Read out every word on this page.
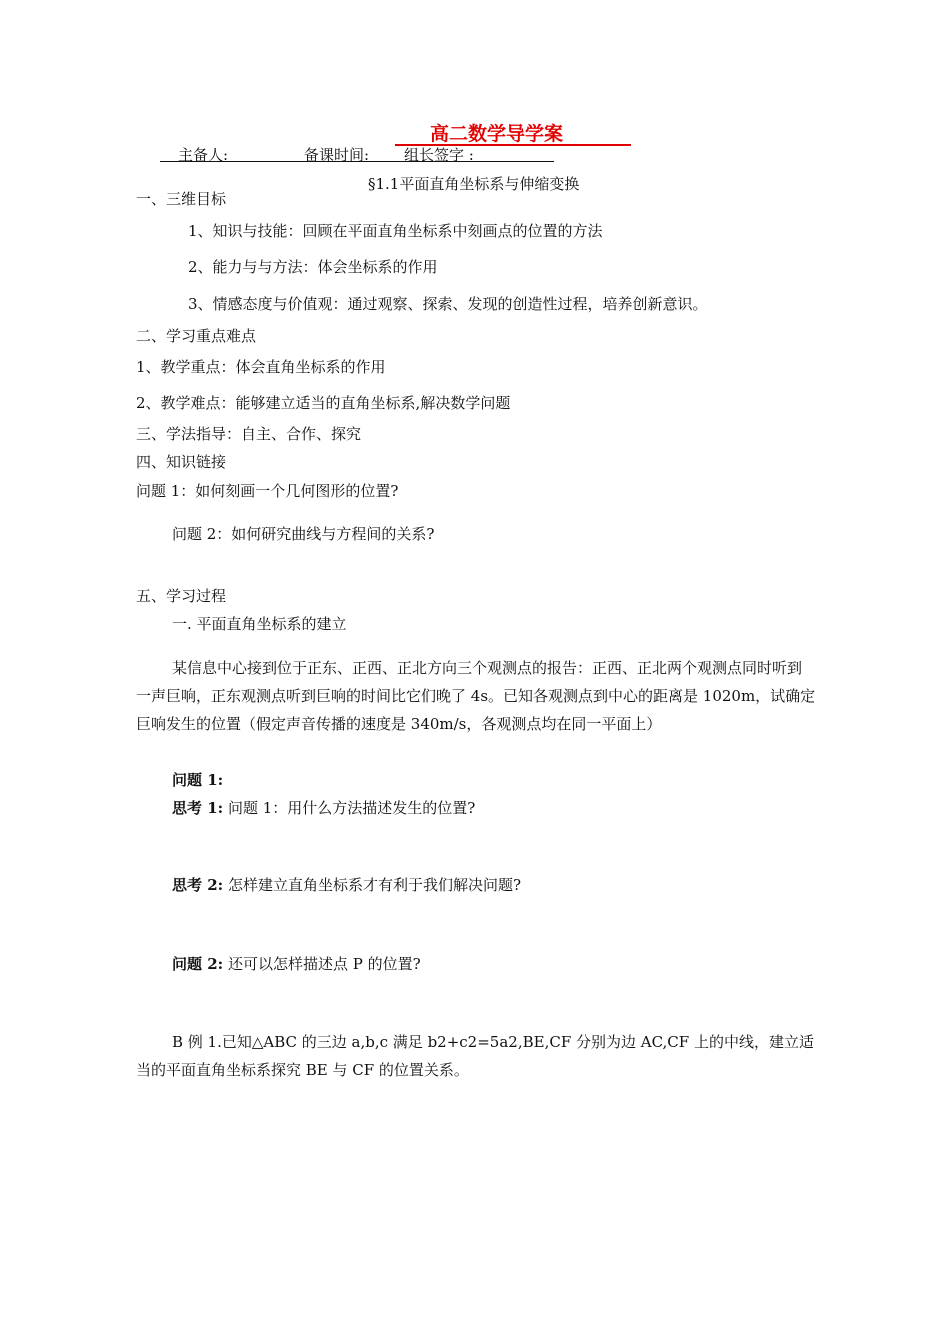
高二数学导学案
主备人:	备课时间: 组长签字 :
§1.1平面直角坐标系与伸缩变换
一、三维目标
1、知识与技能：回顾在平面直角坐标系中刻画点的位置的方法
2、能力与与方法：体会坐标系的作用
3、情感态度与价值观：通过观察、探索、发现的创造性过程，培养创新意识。
二、学习重点难点
1、教学重点：体会直角坐标系的作用
2、教学难点：能够建立适当的直角坐标系,解决数学问题
三、学法指导：自主、合作、探究
四、知识链接
问题 1：如何刻画一个几何图形的位置?
问题 2：如何研究曲线与方程间的关系?
五、学习过程
一. 平面直角坐标系的建立
某信息中心接到位于正东、正西、正北方向三个观测点的报告：正西、正北两个观测点同时听到一声巨响，正东观测点听到巨响的时间比它们晚了 4s。已知各观测点到中心的距离是 1020m，试确定巨响发生的位置（假定声音传播的速度是 340m/s，各观测点均在同一平面上）
问题 1:
思考 1: 问题 1：用什么方法描述发生的位置?
思考 2: 怎样建立直角坐标系才有利于我们解决问题?
问题 2: 还可以怎样描述点 P 的位置?
B 例 1.已知△ABC 的三边 a,b,c 满足 b2+c2=5a2,BE,CF 分别为边 AC,CF 上的中线，建立适当的平面直角坐标系探究 BE 与 CF 的位置关系。
